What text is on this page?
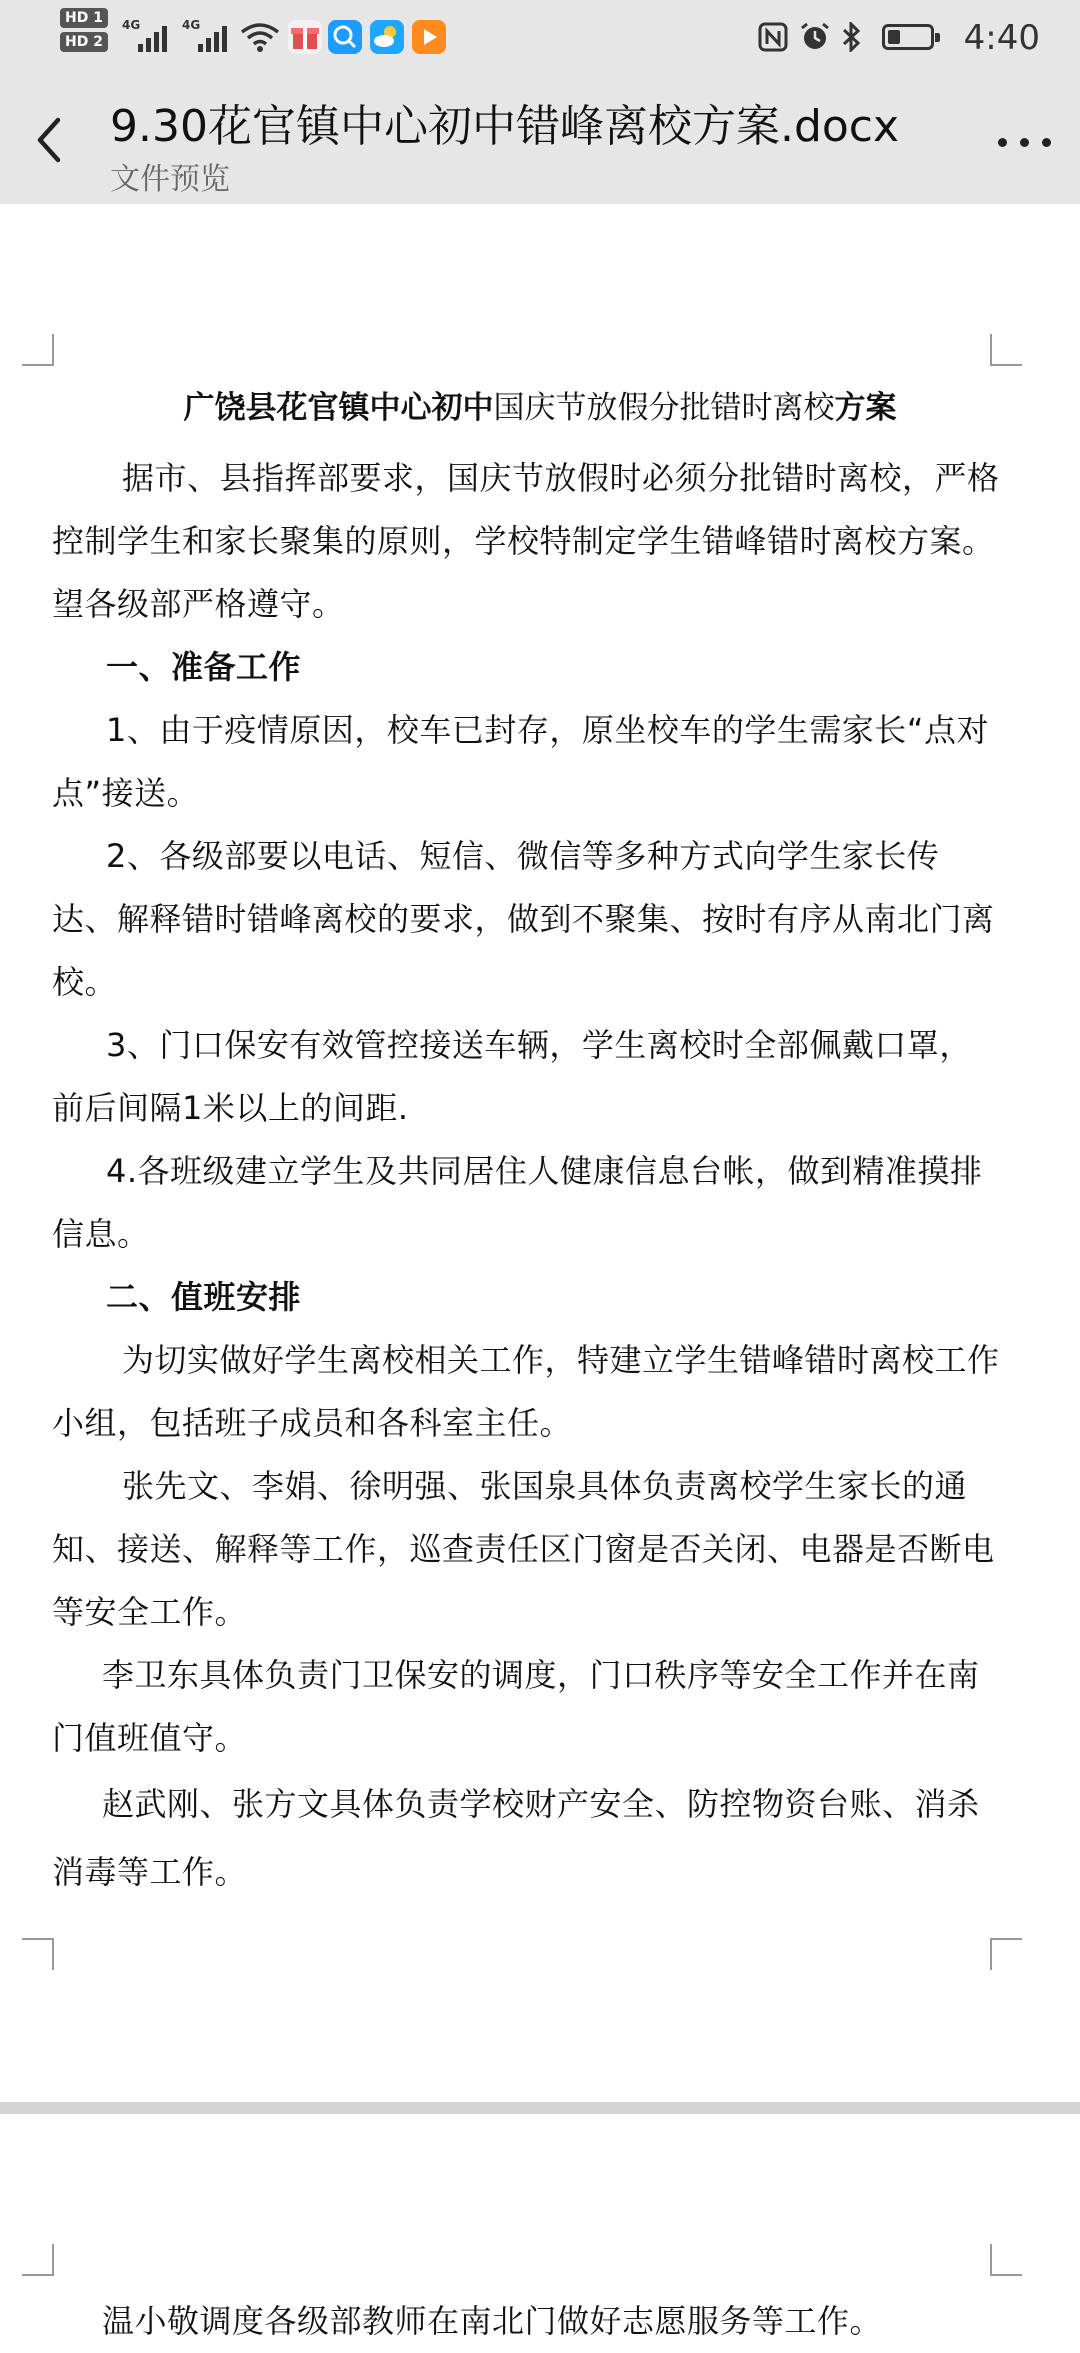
HD 1
HD 2
4G	4G	4:40
9.30花官镇中心初中错峰离校方案.docx
文件预览
广饶县花官镇中心初中国庆节放假分批错时离校方案
据市、县指挥部要求，国庆节放假时必须分批错时离校，严格控制学生和家长聚集的原则，学校特制定学生错峰错时离校方案。 望各级部严格遵守。
一、准备工作
1、由于疫情原因，校车已封存，原坐校车的学生需家长“点对点”接送。
2、各级部要以电话、短信、微信等多种方式向学生家长传达、解释错时错峰离校的要求，做到不聚集、按时有序从南北门离校。
3、门口保安有效管控接送车辆，学生离校时全部佩戴口罩，前后间隔1米以上的间距.
4.各班级建立学生及共同居住人健康信息台帐，做到精准摸排信息。
二、值班安排
为切实做好学生离校相关工作，特建立学生错峰错时离校工作小组，包括班子成员和各科室主任。
张先文、李娟、徐明强、张国泉具体负责离校学生家长的通知、接送、解释等工作，巡查责任区门窗是否关闭、电器是否断电等安全工作。
李卫东具体负责门卫保安的调度，门口秩序等安全工作并在南门值班值守。
赵武刚、张方文具体负责学校财产安全、防控物资台账、消杀消毒等工作。
温小敬调度各级部教师在南北门做好志愿服务等工作。
